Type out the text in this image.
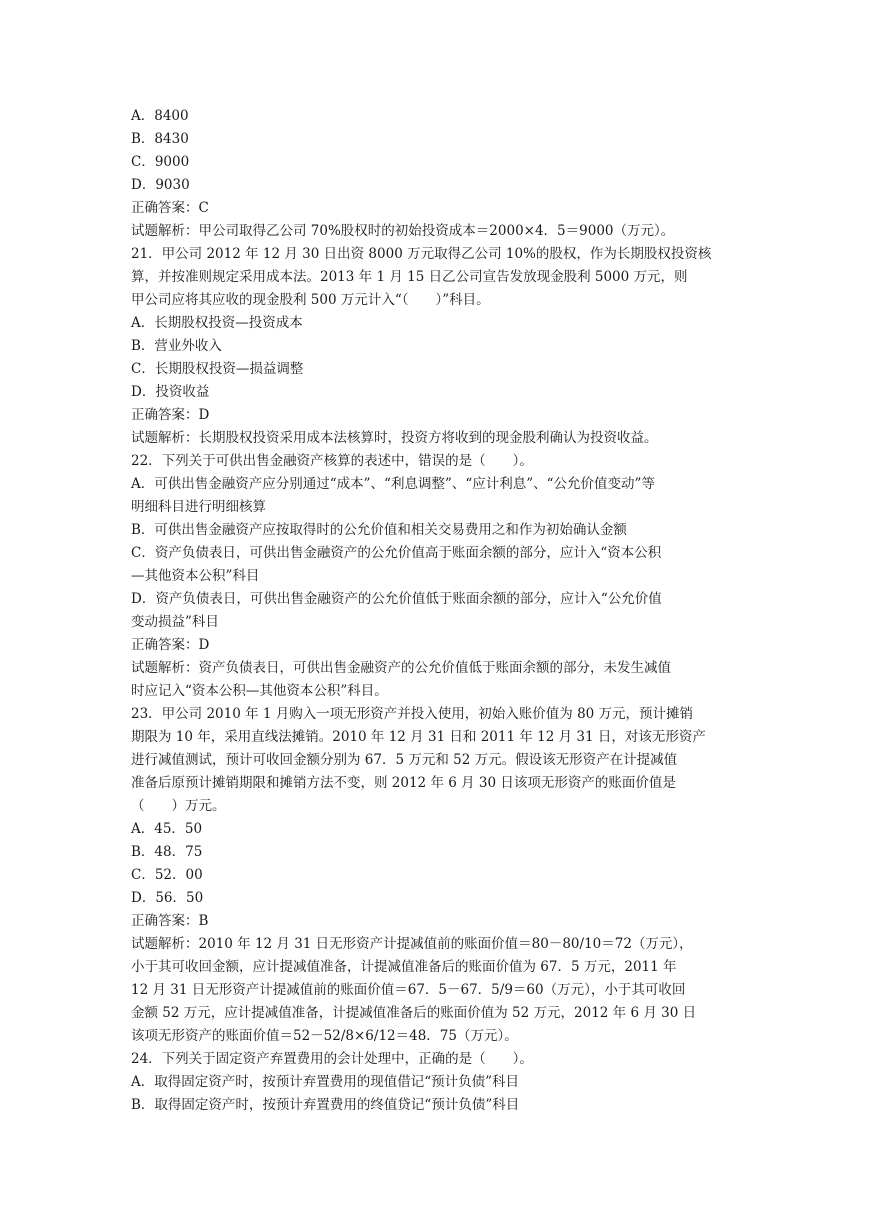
A．8400
B．8430
C．9000
D．9030
正确答案：C
试题解析：甲公司取得乙公司 70%股权时的初始投资成本＝2000×4．5＝9000（万元）。
21．甲公司 2012 年 12 月 30 日出资 8000 万元取得乙公司 10%的股权，作为长期股权投资核
算，并按准则规定采用成本法。2013 年 1 月 15 日乙公司宣告发放现金股利 5000 万元，则
甲公司应将其应收的现金股利 500 万元计入“（　　）”科目。
A．长期股权投资—投资成本
B．营业外收入
C．长期股权投资—损益调整
D．投资收益
正确答案：D
试题解析：长期股权投资采用成本法核算时，投资方将收到的现金股利确认为投资收益。
22．下列关于可供出售金融资产核算的表述中，错误的是（　　）。
A．可供出售金融资产应分别通过“成本”、“利息调整”、“应计利息”、“公允价值变动”等
明细科目进行明细核算
B．可供出售金融资产应按取得时的公允价值和相关交易费用之和作为初始确认金额
C．资产负债表日，可供出售金融资产的公允价值高于账面余额的部分，应计入“资本公积
—其他资本公积”科目
D．资产负债表日，可供出售金融资产的公允价值低于账面余额的部分，应计入“公允价值
变动损益”科目
正确答案：D
试题解析：资产负债表日，可供出售金融资产的公允价值低于账面余额的部分，未发生减值
时应记入“资本公积—其他资本公积”科目。
23．甲公司 2010 年 1 月购入一项无形资产并投入使用，初始入账价值为 80 万元，预计摊销
期限为 10 年，采用直线法摊销。2010 年 12 月 31 日和 2011 年 12 月 31 日，对该无形资产
进行减值测试，预计可收回金额分别为 67．5 万元和 52 万元。假设该无形资产在计提减值
准备后原预计摊销期限和摊销方法不变，则 2012 年 6 月 30 日该项无形资产的账面价值是
（　　）万元。
A．45．50
B．48．75
C．52．00
D．56．50
正确答案：B
试题解析：2010 年 12 月 31 日无形资产计提减值前的账面价值＝80－80/10＝72（万元），
小于其可收回金额，应计提减值准备，计提减值准备后的账面价值为 67．5 万元，2011 年
12 月 31 日无形资产计提减值前的账面价值＝67．5－67．5/9＝60（万元），小于其可收回
金额 52 万元，应计提减值准备，计提减值准备后的账面价值为 52 万元，2012 年 6 月 30 日
该项无形资产的账面价值＝52－52/8×6/12＝48．75（万元）。
24．下列关于固定资产弃置费用的会计处理中，正确的是（　　）。
A．取得固定资产时，按预计弃置费用的现值借记“预计负债”科目
B．取得固定资产时，按预计弃置费用的终值贷记“预计负债”科目
